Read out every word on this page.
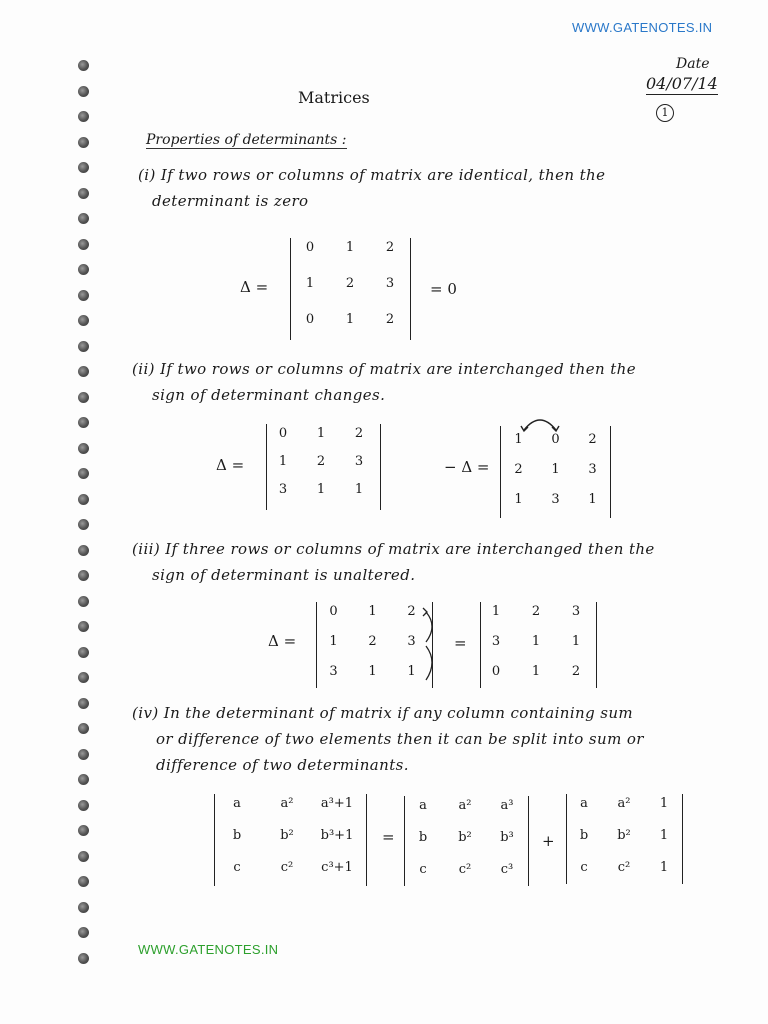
WWW.GATENOTES.IN
Date
04/07/14
1
Matrices
Properties of determinants :
(i) If two rows or columns of matrix are identical, then the
determinant is zero
Δ =
0	1	2
1	2	3
0	1	2
= 0
(ii) If two rows or columns of matrix are interchanged then the
sign of determinant changes.
Δ =
0	1	2
1	2	3
3	1	1
− Δ =
1	0	2
2	1	3
1	3	1
(iii) If three rows or columns of matrix are interchanged then the
sign of determinant is unaltered.
Δ =
0	1	2
1	2	3
3	1	1
=
1	2	3
3	1	1
0	1	2
(iv) In the determinant of matrix if any column containing sum
or difference of two elements then it can be split into sum or
difference of two determinants.
a	a²	a³+1
b	b²	b³+1
c	c²	c³+1
=
a	a²	a³
b	b²	b³
c	c²	c³
+
a	a²	1
b	b²	1
c	c²	1
WWW.GATENOTES.IN
